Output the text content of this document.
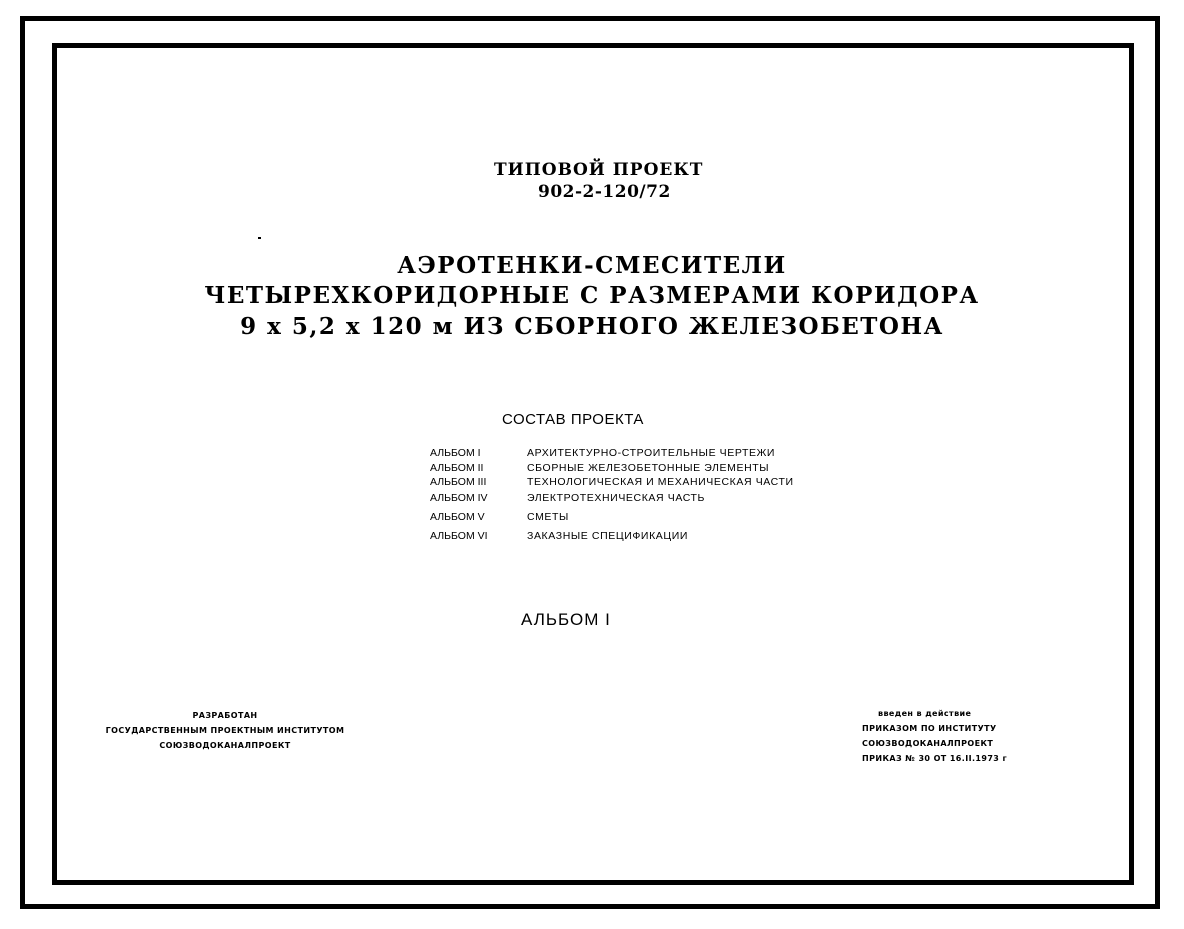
ТИПОВОЙ ПРОЕКТ
902-2-120/72
АЭРОТЕНКИ-СМЕСИТЕЛИ
ЧЕТЫРЕХКОРИДОРНЫЕ С РАЗМЕРАМИ КОРИДОРА
9 х 5,2 х 120 м ИЗ СБОРНОГО ЖЕЛЕЗОБЕТОНА
СОСТАВ ПРОЕКТА
АЛЬБОМ I	АРХИТЕКТУРНО-СТРОИТЕЛЬНЫЕ ЧЕРТЕЖИ
АЛЬБОМ II	СБОРНЫЕ ЖЕЛЕЗОБЕТОННЫЕ ЭЛЕМЕНТЫ
АЛЬБОМ III	ТЕХНОЛОГИЧЕСКАЯ И МЕХАНИЧЕСКАЯ ЧАСТИ
АЛЬБОМ IV	ЭЛЕКТРОТЕХНИЧЕСКАЯ ЧАСТЬ
АЛЬБОМ V	СМЕТЫ
АЛЬБОМ VI	ЗАКАЗНЫЕ СПЕЦИФИКАЦИИ
АЛЬБОМ I
РАЗРАБОТАН
ГОСУДАРСТВЕННЫМ ПРОЕКТНЫМ ИНСТИТУТОМ
СОЮЗВОДОКАНАЛПРОЕКТ
введен в действие
ПРИКАЗОМ ПО ИНСТИТУТУ
СОЮЗВОДОКАНАЛПРОЕКТ
ПРИКАЗ № 30 ОТ 16.II.1973 г
